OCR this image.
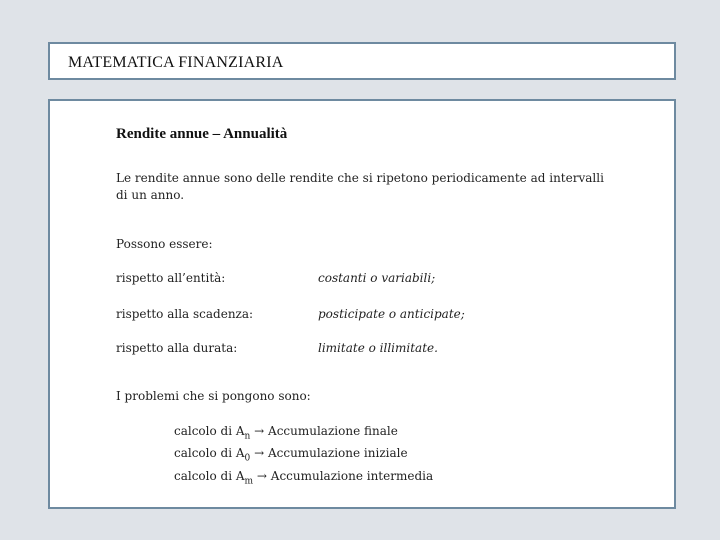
MATEMATICA FINANZIARIA
Rendite annue – Annualità
Le rendite annue sono delle rendite che si ripetono periodicamente ad intervalli di un anno.
Possono essere:
rispetto all’entità:	costanti o variabili;
rispetto alla scadenza:	posticipate o anticipate;
rispetto alla durata:	limitate o illimitate.
I problemi che si pongono sono:
calcolo di $A_n$ → Accumulazione finale
calcolo di $A_0$ → Accumulazione iniziale
calcolo di $A_m$ → Accumulazione intermedia
